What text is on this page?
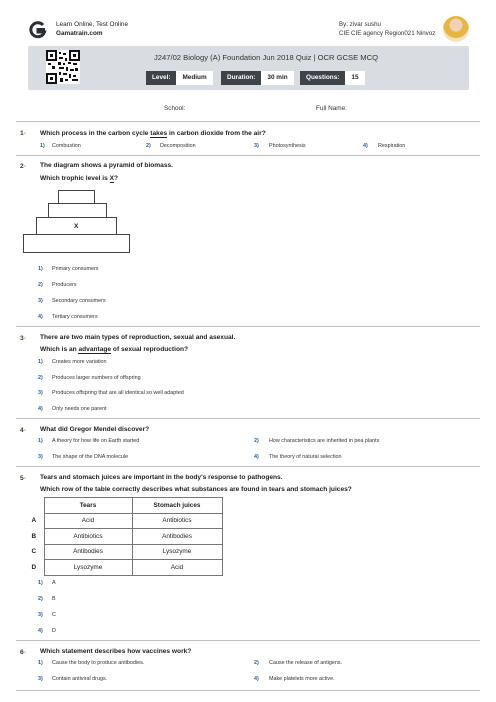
Learn Online, Test Online
Gamatrain.com
By: zivar sushu
CIE CIE agency Region021 Ninvoz
J247/02 Biology (A) Foundation Jun 2018 Quiz | OCR GCSE MCQ
Level:	Medium	Duration:	30 min	Questions:	15
School:	Full Name:
1- Which process in the carbon cycle takes in carbon dioxide from the air?
1) Combustion	2) Decomposition	3) Photosynthesis	4) Respiration
2- The diagram shows a pyramid of biomass.
Which trophic level is X?
X
1) Primary consumers
2) Producers
3) Secondary consumers
4) Tertiary consumers
3- There are two main types of reproduction, sexual and asexual.
Which is an advantage of sexual reproduction?
1) Creates more variation
2) Produces larger numbers of offspring
3) Produces offspring that are all identical so well adapted
4) Only needs one parent
4- What did Gregor Mendel discover?
1) A theory for how life on Earth started	2) How characteristics are inherited in pea plants
3) The shape of the DNA molecule	4) The theory of natural selection
5- Tears and stomach juices are important in the body's response to pathogens.
Which row of the table correctly describes what substances are found in tears and stomach juices?
	Tears	Stomach juices
A	Acid	Antibiotics
B	Antibiotics	Antibodies
C	Antibodies	Lysozyme
D	Lysozyme	Acid
1) A
2) B
3) C
4) D
6- Which statement describes how vaccines work?
1) Cause the body to produce antibodies.	2) Cause the release of antigens.
3) Contain antiviral drugs.	4) Make platelets more active.
